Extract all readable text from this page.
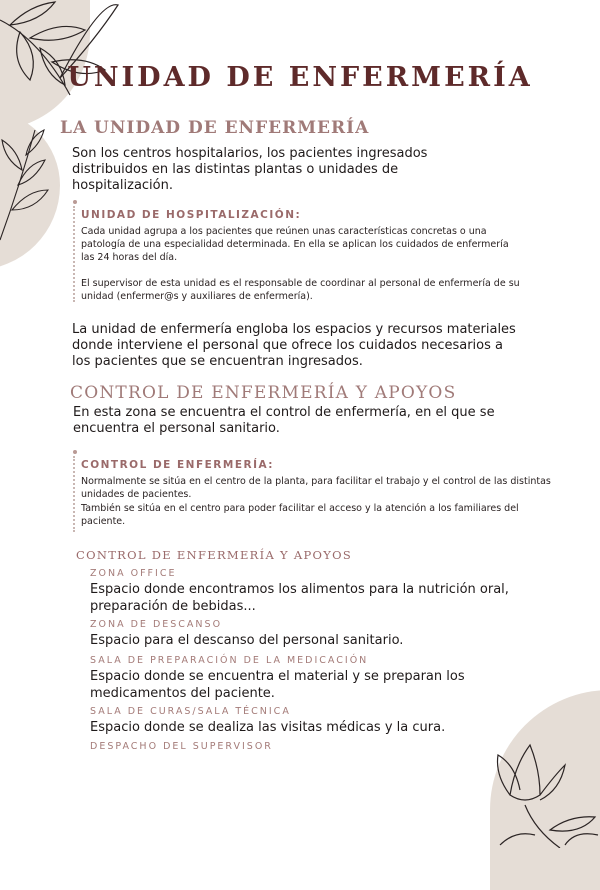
UNIDAD DE ENFERMERÍA
LA UNIDAD DE ENFERMERÍA
Son los centros hospitalarios, los pacientes ingresados distribuidos en las distintas plantas o unidades de hospitalización.
UNIDAD DE HOSPITALIZACIÓN:
Cada unidad agrupa a los pacientes que reúnen unas características concretas o una patología de una especialidad determinada. En ella se aplican los cuidados de enfermería las 24 horas del día.
El supervisor de esta unidad es el responsable de coordinar al personal de enfermería de su unidad (enfermer@s y auxiliares de enfermería).
La unidad de enfermería engloba los espacios y recursos materiales donde interviene el personal que ofrece los cuidados necesarios a los pacientes que se encuentran ingresados.
CONTROL DE ENFERMERÍA Y APOYOS
En esta zona se encuentra el control de enfermería, en el que se encuentra el personal sanitario.
CONTROL DE ENFERMERÍA:
Normalmente se sitúa en el centro de la planta, para facilitar el trabajo y el control de las distintas unidades de pacientes.
También se sitúa en el centro para poder facilitar el acceso y la atención a los familiares del paciente.
CONTROL DE ENFERMERÍA Y APOYOS
ZONA OFFICE
Espacio donde encontramos los alimentos para la nutrición oral, preparación de bebidas...
ZONA DE DESCANSO
Espacio para el descanso del personal sanitario.
SALA DE PREPARACIÓN DE LA MEDICACIÓN
Espacio donde se encuentra el material y se preparan los medicamentos del paciente.
SALA DE CURAS/SALA TÉCNICA
Espacio donde se dealiza las visitas médicas y la cura.
DESPACHO DEL SUPERVISOR
